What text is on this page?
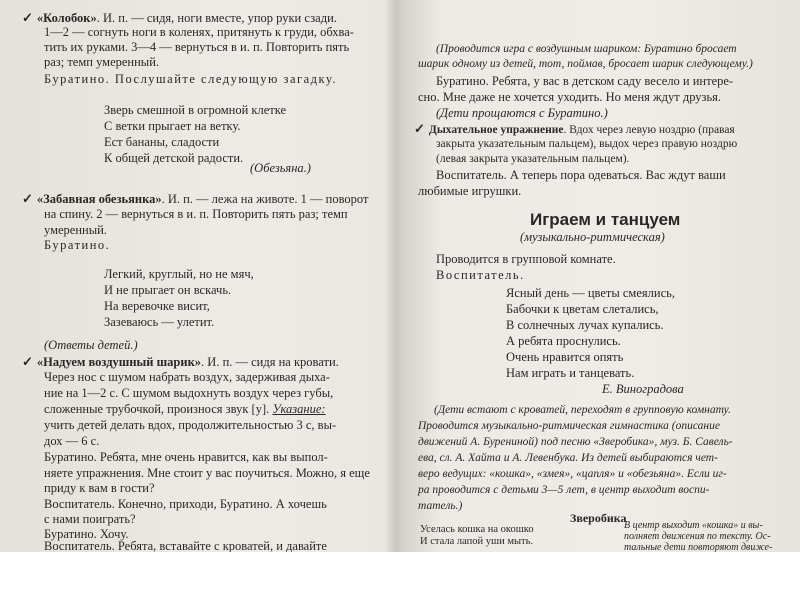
✓ «Колобок». И. п. — сидя, ноги вместе, упор руки сзади.
1—2 — согнуть ноги в коленях, притянуть к груди, обхва-
тить их руками. 3—4 — вернуться в и. п. Повторить пять
раз; темп умеренный.
Буратино. Послушайте следующую загадку.
Зверь смешной в огромной клетке
С ветки прыгает на ветку.
Ест бананы, сладости
К общей детской радости.
(Обезьяна.)
✓ «Забавная обезьянка». И. п. — лежа на животе. 1 — поворот
на спину. 2 — вернуться в и. п. Повторить пять раз; темп
умеренный.
Буратино.
Легкий, круглый, но не мяч,
И не прыгает он вскачь.
На веревочке висит,
Зазеваюсь — улетит.
(Ответы детей.)
✓ «Надуем воздушный шарик». И. п. — сидя на кровати.
Через нос с шумом набрать воздух, задерживая дыха-
ние на 1—2 с. С шумом выдохнуть воздух через губы,
сложенные трубочкой, произнося звук [у]. Указание:
учить детей делать вдох, продолжительностью 3 с, вы-
дох — 6 с.
Буратино. Ребята, мне очень нравится, как вы выпол-
няете упражнения. Мне стоит у вас поучиться. Можно, я еще
приду к вам в гости?
Воспитатель. Конечно, приходи, Буратино. А хочешь
с нами поиграть?
Буратино. Хочу.
Воспитатель. Ребята, вставайте с кроватей, и давайте
(Проводится игра с воздушным шариком: Буратино бросает
шарик одному из детей, тот, поймав, бросает шарик следующему.)
Буратино. Ребята, у вас в детском саду весело и интере-
сно. Мне даже не хочется уходить. Но меня ждут друзья.
(Дети прощаются с Буратино.)
✓ Дыхательное упражнение. Вдох через левую ноздрю (правая
закрыта указательным пальцем), выдох через правую ноздрю
(левая закрыта указательным пальцем).
Воспитатель. А теперь пора одеваться. Вас ждут ваши
любимые игрушки.
Играем и танцуем
(музыкально-ритмическая)
Проводится в групповой комнате.
Воспитатель.
Ясный день — цветы смеялись,
Бабочки к цветам слетались,
В солнечных лучах купались.
А ребята проснулись.
Очень нравится опять
Нам играть и танцевать.
Е. Виноградова
(Дети встают с кроватей, переходят в групповую комнату.
Проводится музыкально-ритмическая гимнастика (описание
движений А. Бурениной) под песню «Зверобика», муз. Б. Савель-
ева, сл. А. Хайта и А. Левенбука. Из детей выбираются чет-
веро ведущих: «кошка», «змея», «цапля» и «обезьяна». Если иг-
ра проводится с детьми 3—5 лет, в центр выходит воспи-
татель.)
Зверобика
Уселась кошка на окошко
И стала лапой уши мыть.
В центр выходит «кошка» и вы-
полняет движения по тексту. Ос-
тальные дети повторяют движе-
